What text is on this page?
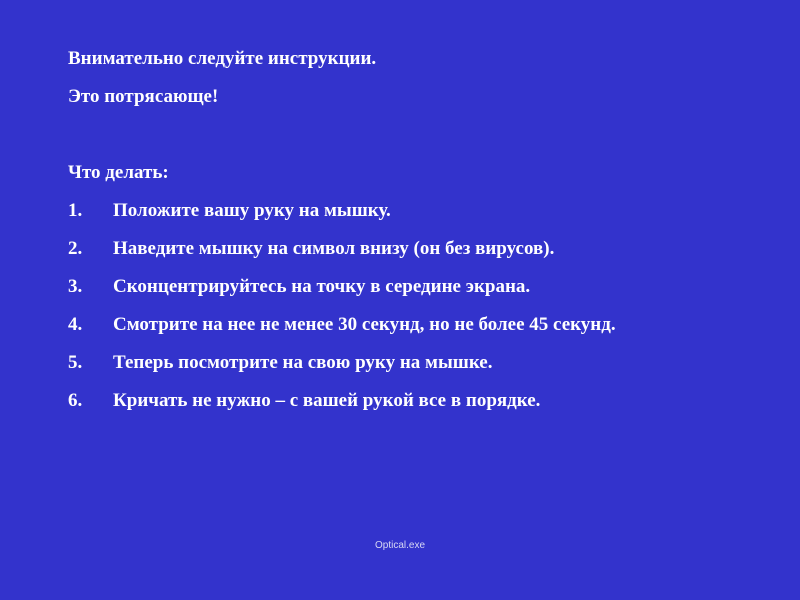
Внимательно следуйте инструкции.
Это потрясающе!
Что делать:
1. Положите вашу руку на мышку.
2. Наведите мышку на символ внизу (он без вирусов).
3. Сконцентрируйтесь на точку в середине экрана.
4. Смотрите на нее не менее 30 секунд, но не более 45 секунд.
5. Теперь посмотрите на свою руку на мышке.
6. Кричать не нужно – с вашей рукой все в порядке.
Optical.exe
